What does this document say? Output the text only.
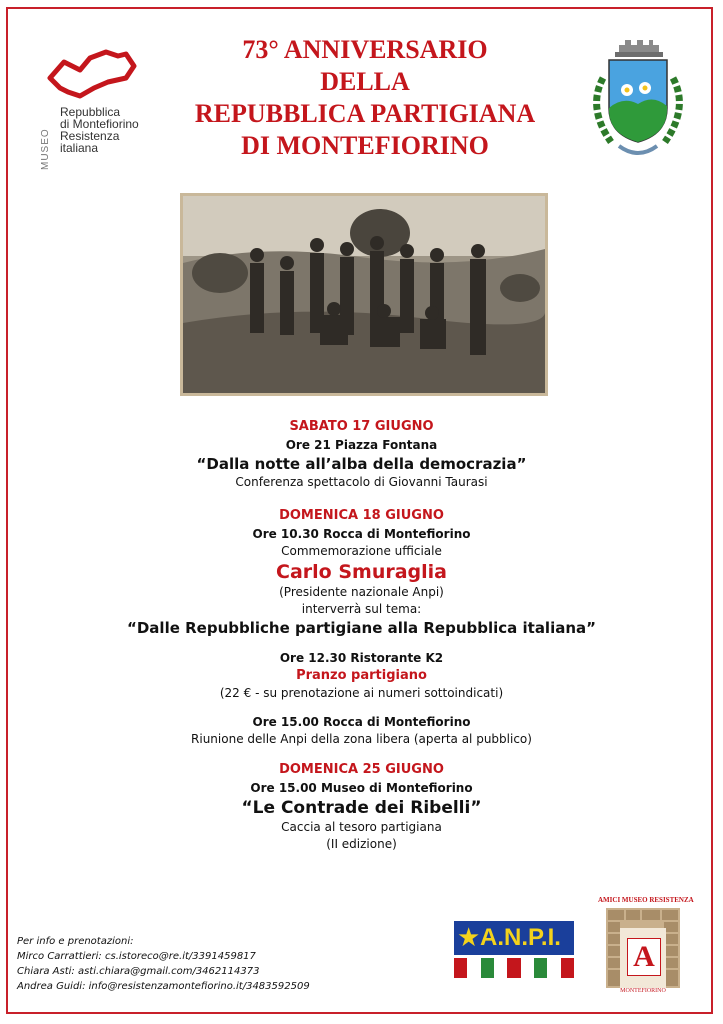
MUSEO
Repubblica
di Montefiorino
Resistenza
italiana
73° ANNIVERSARIO
DELLA
REPUBBLICA PARTIGIANA
DI MONTEFIORINO
SABATO 17 GIUGNO
Ore 21 Piazza Fontana
“Dalla notte all’alba della democrazia”
Conferenza spettacolo di Giovanni Taurasi
DOMENICA 18 GIUGNO
Ore 10.30 Rocca di Montefiorino
Commemorazione ufficiale
Carlo Smuraglia
(Presidente nazionale Anpi)
interverrà sul tema:
“Dalle Repubbliche partigiane alla Repubblica italiana”
Ore 12.30 Ristorante K2
Pranzo partigiano
(22 € - su prenotazione ai numeri sottoindicati)
Ore 15.00 Rocca di Montefiorino
Riunione delle Anpi della zona libera (aperta al pubblico)
DOMENICA 25 GIUGNO
Ore 15.00 Museo di Montefiorino
“Le Contrade dei Ribelli”
Caccia al tesoro partigiana
(II edizione)
Per info e prenotazioni:
Mirco Carrattieri: cs.istoreco@re.it/3391459817
Chiara Asti: asti.chiara@gmail.com/3462114373
Andrea Guidi: info@resistenzamontefiorino.it/3483592509
★ A.N.P.I.
AMICI MUSEO RESISTENZA
A
MONTEFIORINO
